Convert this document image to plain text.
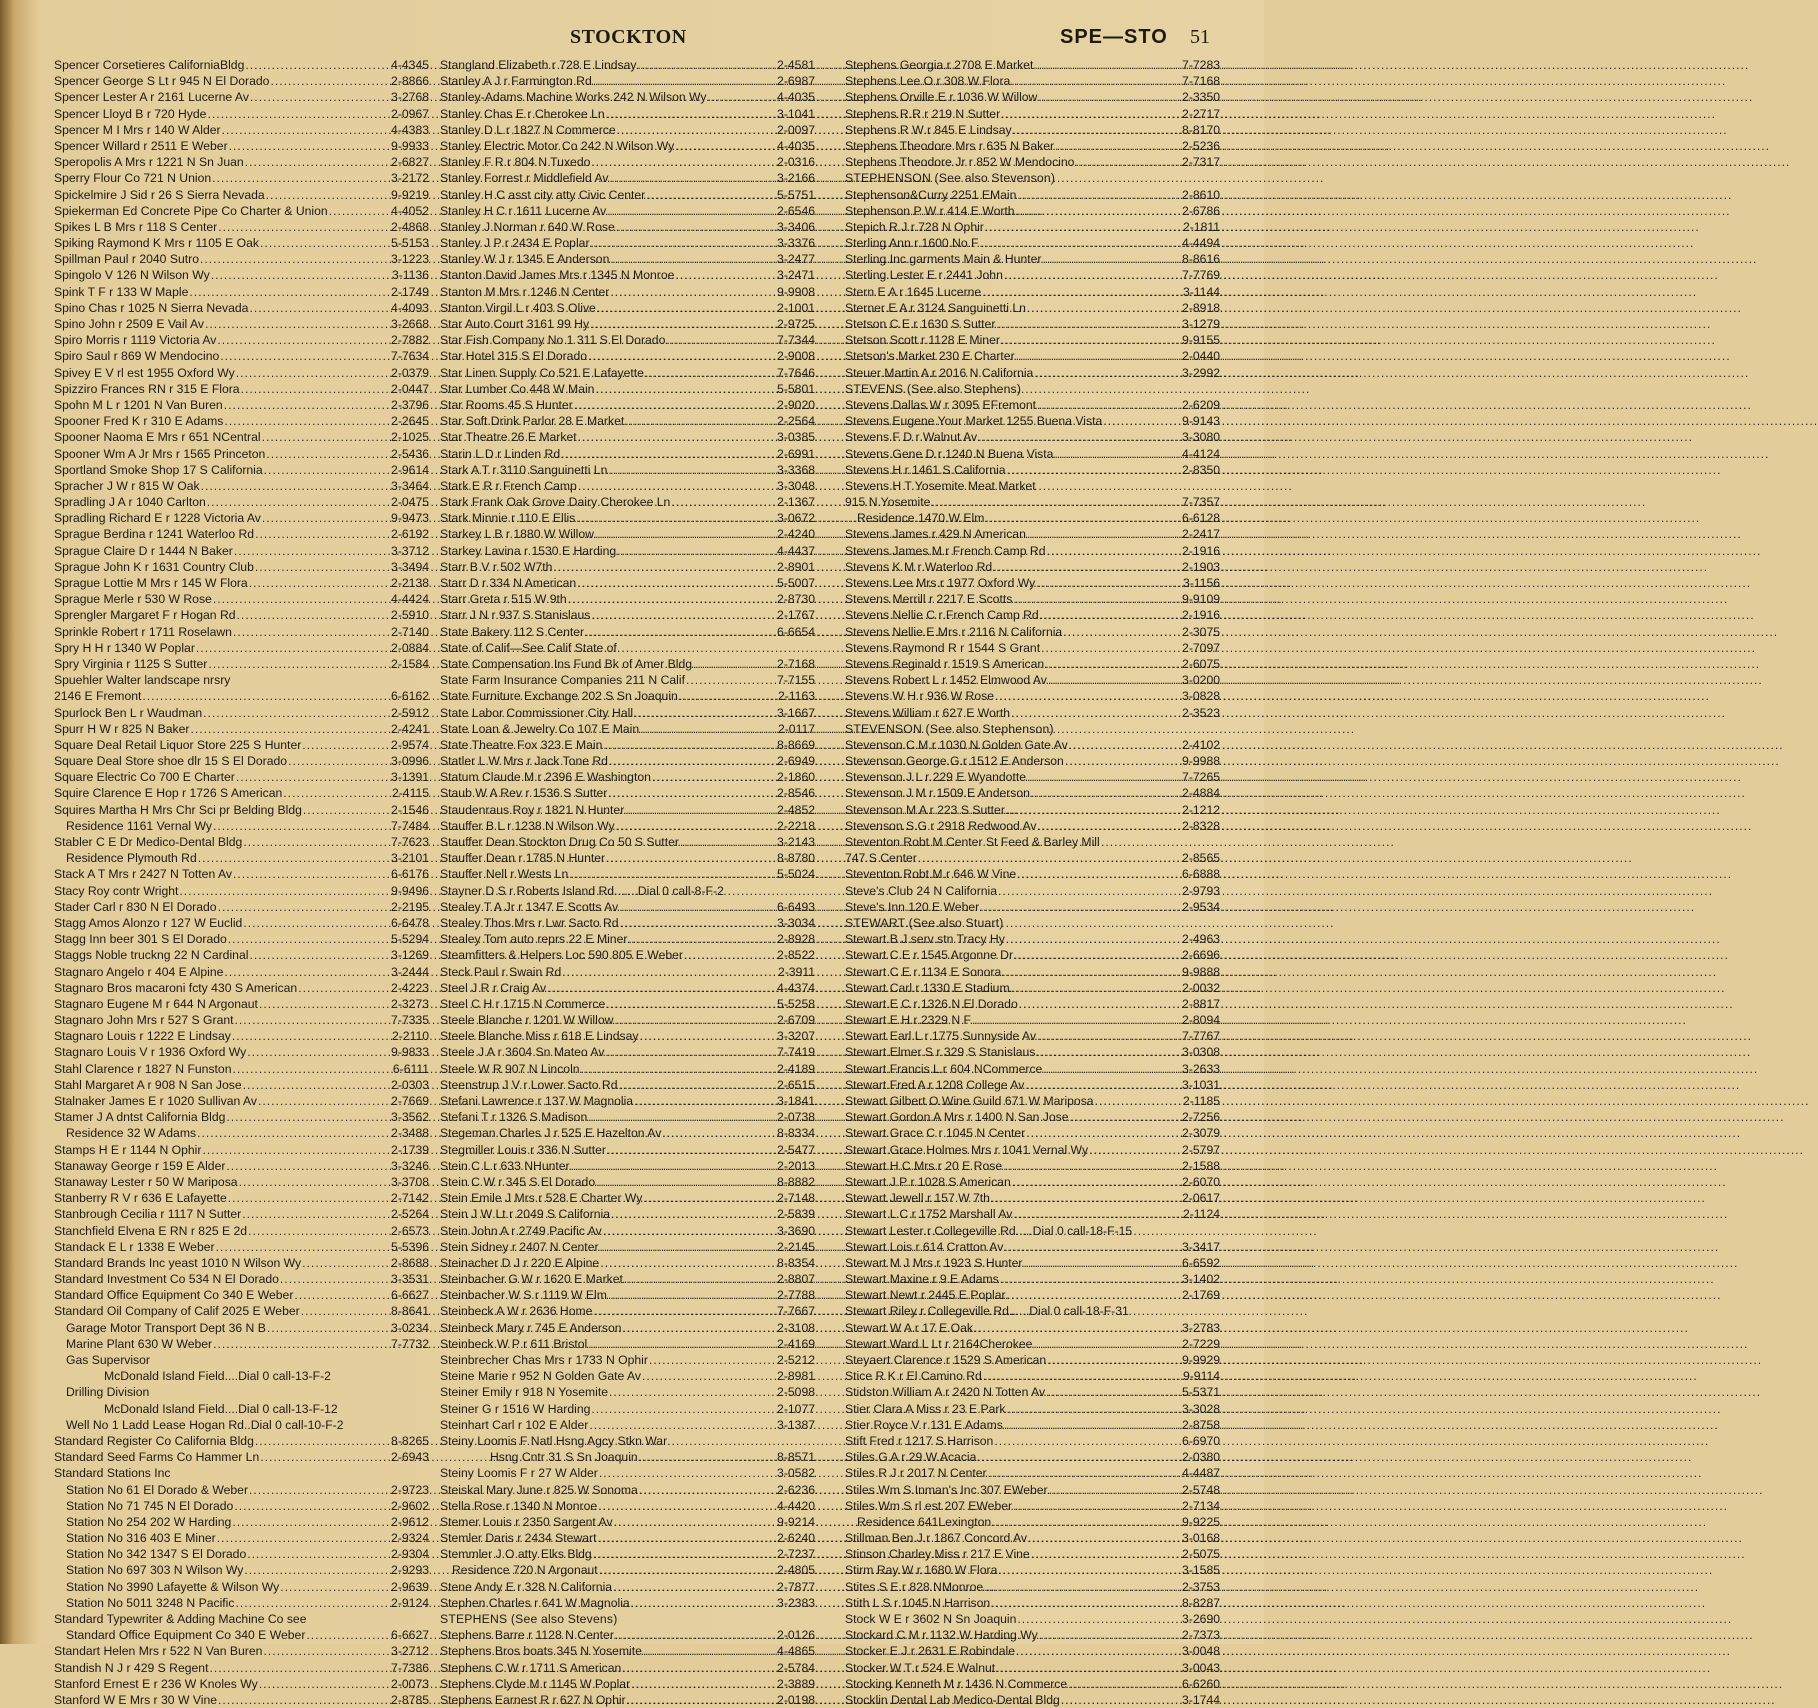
STOCKTON	SPE—STO 51
Spencer Corsetieres CaliforniaBldg .....	4-4345
Spencer George S Lt r 945 N El Dorado .....	2-8866
Spencer Lester A r 2161 Lucerne Av .....	3-2768
Spencer Lloyd B r 720 Hyde .....	2-0967
Spencer M I Mrs r 140 W Alder .....	4-4383
Spencer Willard r 2511 E Weber .....	9-9933
Speropolis A Mrs r 1221 N Sn Juan .....	2-6827
Sperry Flour Co 721 N Union .....	3-2172
Spickelmire J Sid r 26 S Sierra Nevada .....	9-9219
Spiekerman Ed Concrete Pipe Co Charter & Union .....	4-4052
Spikes L B Mrs r 118 S Center .....	2-4868
Spiking Raymond K Mrs r 1105 E Oak .....	5-5153
Spillman Paul r 2040 Sutro .....	3-1223
Spingolo V 126 N Wilson Wy .....	3-1136
Spink T F r 133 W Maple .....	2-1749
Spino Chas r 1025 N Sierra Nevada .....	4-4093
Spino John r 2509 E Vail Av .....	3-2668
Spiro Morris r 1119 Victoria Av .....	2-7882
Spiro Saul r 869 W Mendocino .....	7-7634
Spivey E V rl est 1955 Oxford Wy .....	2-0379
Spizziro Frances RN r 315 E Flora .....	2-0447
Spohn M L r 1201 N Van Buren .....	2-3796
Spooner Fred K r 310 E Adams .....	2-2645
Spooner Naoma E Mrs r 651 NCentral .....	2-1025
Spooner Wm A Jr Mrs r 1565 Princeton .....	2-5436
Sportland Smoke Shop 17 S California .....	2-9614
Spracher J W r 815 W Oak .....	3-3464
Spradling J A r 1040 Carlton .....	2-0475
Spradling Richard E r 1228 Victoria Av .....	9-9473
Sprague Berdina r 1241 Waterloo Rd .....	2-6192
Sprague Claire D r 1444 N Baker .....	3-3712
Sprague John K r 1631 Country Club .....	3-3494
Sprague Lottie M Mrs r 145 W Flora .....	2-2138
Sprague Merle r 530 W Rose .....	4-4424
Sprengler Margaret F r Hogan Rd .....	2-5910
Sprinkle Robert r 1711 Roselawn .....	2-7140
Spry H H r 1340 W Poplar .....	2-0884
Spry Virginia r 1125 S Sutter .....	2-1584
Spuehler Walter landscape nrsry
2146 E Fremont .....	6-6162
Spurlock Ben L r Waudman .....	2-5912
Spurr H W r 825 N Baker .....	2-4241
Square Deal Retail Liquor Store 225 S Hunter .....	2-9574
Square Deal Store shoe dlr 15 S El Dorado .....	3-0996
Square Electric Co 700 E Charter .....	3-1391
Squire Clarence E Hop r 1726 S American .....	2-4115
Squires Martha H Mrs Chr Sci pr Belding Bldg .....	2-1546
Residence 1161 Vernal Wy .....	7-7484
Stabler C E Dr Medico-Dental Bldg .....	7-7623
Residence Plymouth Rd .....	3-2101
Stack A T Mrs r 2427 N Totten Av .....	6-6176
Stacy Roy contr Wright .....	9-9496
Stader Carl r 830 N El Dorado .....	2-2195
Stagg Amos Alonzo r 127 W Euclid .....	6-6478
Stagg Inn beer 301 S El Dorado .....	5-5294
Staggs Noble truckng 22 N Cardinal .....	3-1269
Stagnaro Angelo r 404 E Alpine .....	3-2444
Stagnaro Bros macaroni fcty 430 S American .....	2-4223
Stagnaro Eugene M r 644 N Argonaut .....	2-3273
Stagnaro John Mrs r 527 S Grant .....	7-7335
Stagnaro Louis r 1222 E Lindsay .....	2-2110
Stagnaro Louis V r 1936 Oxford Wy .....	9-9833
Stahl Clarence r 1827 N Funston .....	6-6111
Stahl Margaret A r 908 N San Jose .....	2-0303
Stalnaker James E r 1020 Sullivan Av .....	2-7669
Stamer J A dntst California Bldg .....	3-3562
Residence 32 W Adams .....	2-3488
Stamps H E r 1144 N Ophir .....	2-1739
Stanaway George r 159 E Alder .....	3-3246
Stanaway Lester r 50 W Mariposa .....	3-3708
Stanberry R V r 636 E Lafayette .....	2-7142
Stanbrough Cecilia r 1117 N Sutter .....	2-5264
Stanchfield Elvena E RN r 825 E 2d .....	2-6573
Standack E L r 1338 E Weber .....	5-5396
Standard Brands Inc yeast 1010 N Wilson Wy .....	2-8688
Standard Investment Co 534 N El Dorado .....	3-3531
Standard Office Equipment Co 340 E Weber .....	6-6627
Standard Oil Company of Calif 2025 E Weber .....	8-8641
Garage Motor Transport Dept 36 N B .....	3-0234
Marine Plant 630 W Weber .....	7-7732
Gas Supervisor
McDonald Island Field....Dial 0 call-13-F-2
Drilling Division
McDonald Island Field....Dial 0 call-13-F-12
Well No 1 Ladd Lease Hogan Rd..Dial 0 call-10-F-2
Standard Register Co California Bldg .....	8-8265
Standard Seed Farms Co Hammer Ln .....	2-6943
Standard Stations Inc
Station No 61 El Dorado & Weber .....	2-9723
Station No 71 745 N El Dorado .....	2-9602
Station No 254 202 W Harding .....	2-9612
Station No 316 403 E Miner .....	2-9324
Station No 342 1347 S El Dorado .....	2-9304
Station No 697 303 N Wilson Wy .....	2-9293
Station No 3990 Lafayette & Wilson Wy .....	2-9639
Station No 5011 3248 N Pacific .....	2-9124
Standard Typewriter & Adding Machine Co see
Standard Office Equipment Co 340 E Weber .....	6-6627
Standart Helen Mrs r 522 N Van Buren .....	3-2712
Standish N J r 429 S Regent .....	7-7386
Stanford Ernest E r 236 W Knoles Wy .....	2-0073
Stanford W E Mrs r 30 W Vine .....	2-8785
Stangland Elizabeth r 728 E Lindsay .....	2-4581
Stanley A J r Farmington Rd .....	2-6987
Stanley-Adams Machine Works 242 N Wilson Wy .....	4-4035
Stanley Chas E r Cherokee Ln .....	3-1041
Stanley D L r 1827 N Commerce .....	2-0097
Stanley Electric Motor Co 242 N Wilson Wy .....	4-4035
Stanley F R r 804 N Tuxedo .....	2-0316
Stanley Forrest r Middlefield Av .....	3-2166
Stanley H C asst city atty Civic Center .....	5-5751
Stanley H C r 1611 Lucerne Av .....	2-6546
Stanley J Norman r 640 W Rose .....	3-3406
Stanley J P r 2434 E Poplar .....	3-3376
Stanley W J r 1345 E Anderson .....	3-2477
Stanton David James Mrs r 1345 N Monroe .....	3-2471
Stanton M Mrs r 1246 N Center .....	9-9908
Stanton Virgil L r 403 S Olive .....	2-1001
Star Auto Court 3161 99 Hy .....	2-9725
Star Fish Company No 1 311 S El Dorado .....	7-7344
Star Hotel 315 S El Dorado .....	2-9008
Star Linen Supply Co 521 E Lafayette .....	7-7646
Star Lumber Co 448 W Main .....	5-5801
Star Rooms 45 S Hunter .....	2-9020
Star Soft Drink Parlor 28 E Market .....	2-2564
Star Theatre 26 E Market .....	3-0385
Starin L D r Linden Rd .....	2-6991
Stark A T r 3110 Sanguinetti Ln .....	3-3368
Stark E R r French Camp .....	3-3048
Stark Frank Oak Grove Dairy Cherokee Ln .....	2-1367
Stark Minnie r 110 E Ellis .....	3-0672
Starkey L B r 1880 W Willow .....	2-4240
Starkey Lavina r 1530 E Harding .....	4-4437
Starr B V r 502 W7th .....	2-8901
Starr D r 334 N American .....	5-5007
Starr Greta r 515 W 9th .....	2-8730
Starr J N r 937 S Stanislaus .....	2-1767
State Bakery 112 S Center .....	6-6654
State of Calif—See Calif State of
State Compensation Ins Fund Bk of Amer Bldg .....	2-7168
State Farm Insurance Companies 211 N Calif .....	7-7155
State Furniture Exchange 202 S Sn Joaquin .....	2-1163
State Labor Commissioner City Hall .....	3-1667
State Loan & Jewelry Co 107 E Main .....	2-0117
State Theatre Fox 323 E Main .....	8-8669
Statler L W Mrs r Jack Tone Rd .....	2-6949
Statum Claude M r 2396 E Washington .....	2-1860
Staub W A Rev r 1536 S Sutter .....	2-8546
Staudenraus Roy r 1821 N Hunter .....	2-4852
Stauffer B L r 1238 N Wilson Wy .....	2-2218
Stauffer Dean Stockton Drug Co 50 S Sutter .....	3-2143
Stauffer Dean r 1785 N Hunter .....	8-8780
Stauffer Nell r Wests Ln .....	5-5024
Stayner D S r Roberts Island Rd.......Dial 0 call-8-F-2
Stealey T A Jr r 1347 E Scotts Av .....	6-6493
Stealey Thos Mrs r Lwr Sacto Rd .....	3-3034
Stealey Tom auto reprs 22 E Miner .....	2-8928
Steamfitters & Helpers Loc 590 805 E Weber .....	2-8522
Steck Paul r Swain Rd .....	2-3911
Steel J R r Craig Av .....	4-4374
Steel C H r 1715 N Commerce .....	5-5258
Steele Blanche r 1201 W Willow .....	2-6709
Steele Blanche Miss r 618 E Lindsay .....	3-3207
Steele J A r 3604 Sn Mateo Av .....	7-7419
Steele W R 907 N Lincoln .....	2-4189
Steenstrup J V r Lower Sacto Rd .....	2-6515
Stefani Lawrence r 137 W Magnolia .....	3-1841
Stefani T r 1326 S Madison .....	2-0738
Stegeman Charles J r 525 E Hazelton Av .....	8-8334
Stegmiller Louis r 336 N Sutter .....	2-5477
Stein C L r 633 NHunter .....	2-2013
Stein C W r 345 S El Dorado .....	8-8882
Stein Emile J Mrs r 528 E Charter Wy .....	2-7148
Stein J W Lt r 2049 S California .....	2-5839
Stein John A r 2749 Pacific Av .....	3-3690
Stein Sidney r 2407 N Center .....	2-2145
Steinacher D J r 220 E Alpine .....	8-8354
Steinbacher G W r 1620 E Market .....	2-8807
Steinbacher W S r 1119 W Elm .....	2-7788
Steinbeck A W r 2636 Home .....	7-7667
Steinbeck Mary r 745 E Anderson .....	2-3108
Steinbeck W P r 611 Bristol .....	2-4169
Steinbrecher Chas Mrs r 1733 N Ophir .....	2-5212
Steine Marie r 952 N Golden Gate Av .....	2-8981
Steiner Emily r 918 N Yosemite .....	2-5098
Steiner G r 1516 W Harding .....	2-1077
Steinhart Carl r 102 E Alder .....	3-1387
Steiny Loomis F Natl Hsng Agcy Stkn War
Hsng Cntr 31 S Sn Joaquin .....	8-8571
Steiny Loomis F r 27 W Alder .....	3-0582
Steiskal Mary June r 825 W Sonoma .....	2-6236
Stella Rose r 1340 N Monroe .....	4-4420
Stemer Louis r 2350 Sargent Av .....	9-9214
Stemler Daris r 2434 Stewart .....	2-6240
Stemmler J O atty Elks Bldg .....	2-7237
Residence 720 N Argonaut .....	2-4805
Stene Andy E r 328 N California .....	2-7877
Stephen Charles r 641 W Magnolia .....	3-2383
STEPHENS (See also Stevens)
Stephens Barre r 1128 N Center .....	2-0126
Stephens Bros boats 345 N Yosemite .....	4-4865
Stephens C W r 1711 S American .....	2-5784
Stephens Clyde M r 1145 W Poplar .....	2-3889
Stephens Earnest R r 627 N Ophir .....	2-0198
Stephens Georgia r 2708 E Market .....	7-7283
Stephens Lee O r 308 W Flora .....	7-7168
Stephens Orville E r 1036 W Willow .....	2-3350
Stephens R R r 219 N Sutter .....	2-2717
Stephens R W r 845 E Lindsay .....	8-8170
Stephens Theodore Mrs r 635 N Baker .....	2-5236
Stephens Theodore Jr r 852 W Mendocino .....	2-7317
STEPHENSON (See also Stevenson)
Stephenson&Curry 2251 EMain .....	2-8610
Stephenson P W r 414 E Worth .....	2-6786
Stepich R J r 728 N Ophir .....	2-1811
Sterling Ann r 1600 No F .....	4-4494
Sterling Inc garments Main & Hunter .....	8-8616
Sterling Lester E r 2441 John .....	7-7769
Stern E A r 1645 Lucerne .....	3-1144
Sterner E A r 3124 Sanguinetti Ln .....	2-8918
Stetson C E r 1630 S Sutter .....	3-1279
Stetson Scott r 1128 E Miner .....	9-9155
Stetson's Market 230 E Charter .....	2-0440
Steuer Martin A r 2016 N California .....	3-2992
STEVENS (See also Stephens)
Stevens Dallas W r 3095 EFremont .....	2-6209
Stevens Eugene Your Market 1255 Buena Vista .....	9-9143
Stevens F D r Walnut Av .....	3-3080
Stevens Gene D r 1240 N Buena Vista .....	4-4124
Stevens H r 1461 S California .....	2-8350
Stevens H T Yosemite Meat Market
915 N Yosemite .....	7-7357
Residence 1470 W Elm .....	6-6128
Stevens James r 429 N American .....	2-2417
Stevens James M r French Camp Rd .....	2-1916
Stevens K M r Waterloo Rd .....	2-1903
Stevens Lee Mrs r 1977 Oxford Wy .....	3-1156
Stevens Merrill r 2217 E Scotts .....	9-9109
Stevens Nellie C r French Camp Rd .....	2-1916
Stevens Nellie E Mrs r 2116 N California .....	2-3075
Stevens Raymond R r 1544 S Grant .....	2-7097
Stevens Reginald r 1519 S American .....	2-6075
Stevens Robert L r 1452 Elmwood Av .....	3-0200
Stevens W H r 936 W Rose .....	3-0828
Stevens William r 627 E Worth .....	2-3523
STEVENSON (See also Stephenson)
Stevenson C M r 1030 N Golden Gate Av .....	2-4102
Stevenson George G r 1512 E Anderson .....	9-9988
Stevenson J L r 229 E Wyandotte .....	7-7265
Stevenson J M r 1509 E Anderson .....	2-4884
Stevenson M A r 223 S Sutter .....	2-1212
Stevenson S G r 2918 Redwood Av .....	2-8328
Steventon Robt M Center St Feed & Barley Mill
747 S Center .....	2-8565
Steventon Robt M r 646 W Vine .....	6-6888
Steve's Club 24 N California .....	2-9793
Steve's Inn 120 E Weber .....	2-9534
STEWART (See also Stuart)
Stewart B J serv stn Tracy Hy .....	2-4963
Stewart C E r 1545 Argonne Dr .....	2-6696
Stewart C E r 1134 E Sonora .....	9-9888
Stewart Carl r 1330 E Stadium .....	2-0032
Stewart E C r 1326 N El Dorado .....	2-8817
Stewart E H r 2329 N F .....	2-8094
Stewart Earl L r 1775 Sunnyside Av .....	7-7767
Stewart Elmer S r 329 S Stanislaus .....	3-0308
Stewart Francis L r 604 NCommerce .....	3-2633
Stewart Fred A r 1208 College Av .....	3-1031
Stewart Gilbert O Wine Guild 671 W Mariposa .....	2-1185
Stewart Gordon A Mrs r 1400 N San Jose .....	2-7256
Stewart Grace C r 1045 N Center .....	2-3079
Stewart Grace Holmes Mrs r 1041 Vernal Wy .....	2-5797
Stewart H C Mrs r 20 E Rose .....	2-1588
Stewart J P r 1028 S American .....	2-6070
Stewart Jewell r 157 W 7th .....	2-0617
Stewart L C r 1752 Marshall Av .....	2-1124
Stewart Lester r Collegeville Rd.....Dial 0 call-18-F-15
Stewart Lois r 614 Cratton Av .....	3-3417
Stewart M J Mrs r 1923 S Hunter .....	6-6592
Stewart Maxine r 9 E Adams .....	3-1402
Stewart Newt r 2445 E Poplar .....	2-1769
Stewart Riley r Collegeville Rd......Dial 0 call-18-F-31
Stewart W A r 17 E Oak .....	3-2783
Stewart Ward L Lt r 2164Cherokee .....	2-7229
Steyaert Clarence r 1529 S American .....	9-9929
Stice R K r El Camino Rd .....	9-9114
Stidston William A r 2420 N Totten Av .....	5-5371
Stier Clara A Miss r 23 E Park .....	3-3028
Stier Royce V r 131 E Adams .....	2-8758
Stift Fred r 1217 S Harrison .....	6-6970
Stiles G A r 29 W Acacia .....	2-0380
Stiles R J r 2017 N Center .....	4-4487
Stiles Wm S Inman's Inc 307 EWeber .....	2-5748
Stiles Wm S rl est 207 EWeber .....	2-7134
Residence 641Lexington .....	9-9225
Stillman Ben J r 1867 Concord Av .....	3-0168
Stinson Charley Miss r 217 E Vine .....	2-5075
Stirm Ray W r 1680 W Flora .....	3-1585
Stites S E r 828 NMonroe .....	2-3753
Stith L S r 1045 N Harrison .....	8-8287
Stock W E r 3602 N Sn Joaquin .....	3-2690
Stockard C M r 1132 W Harding Wy .....	2-7373
Stocker E J r 2631 E Robindale .....	3-0048
Stocker W T r 524 E Walnut .....	3-0043
Stocking Kenneth M r 1436 N Commerce .....	6-6260
Stocklin Dental Lab Medico-Dental Bldg .....	3-1744
